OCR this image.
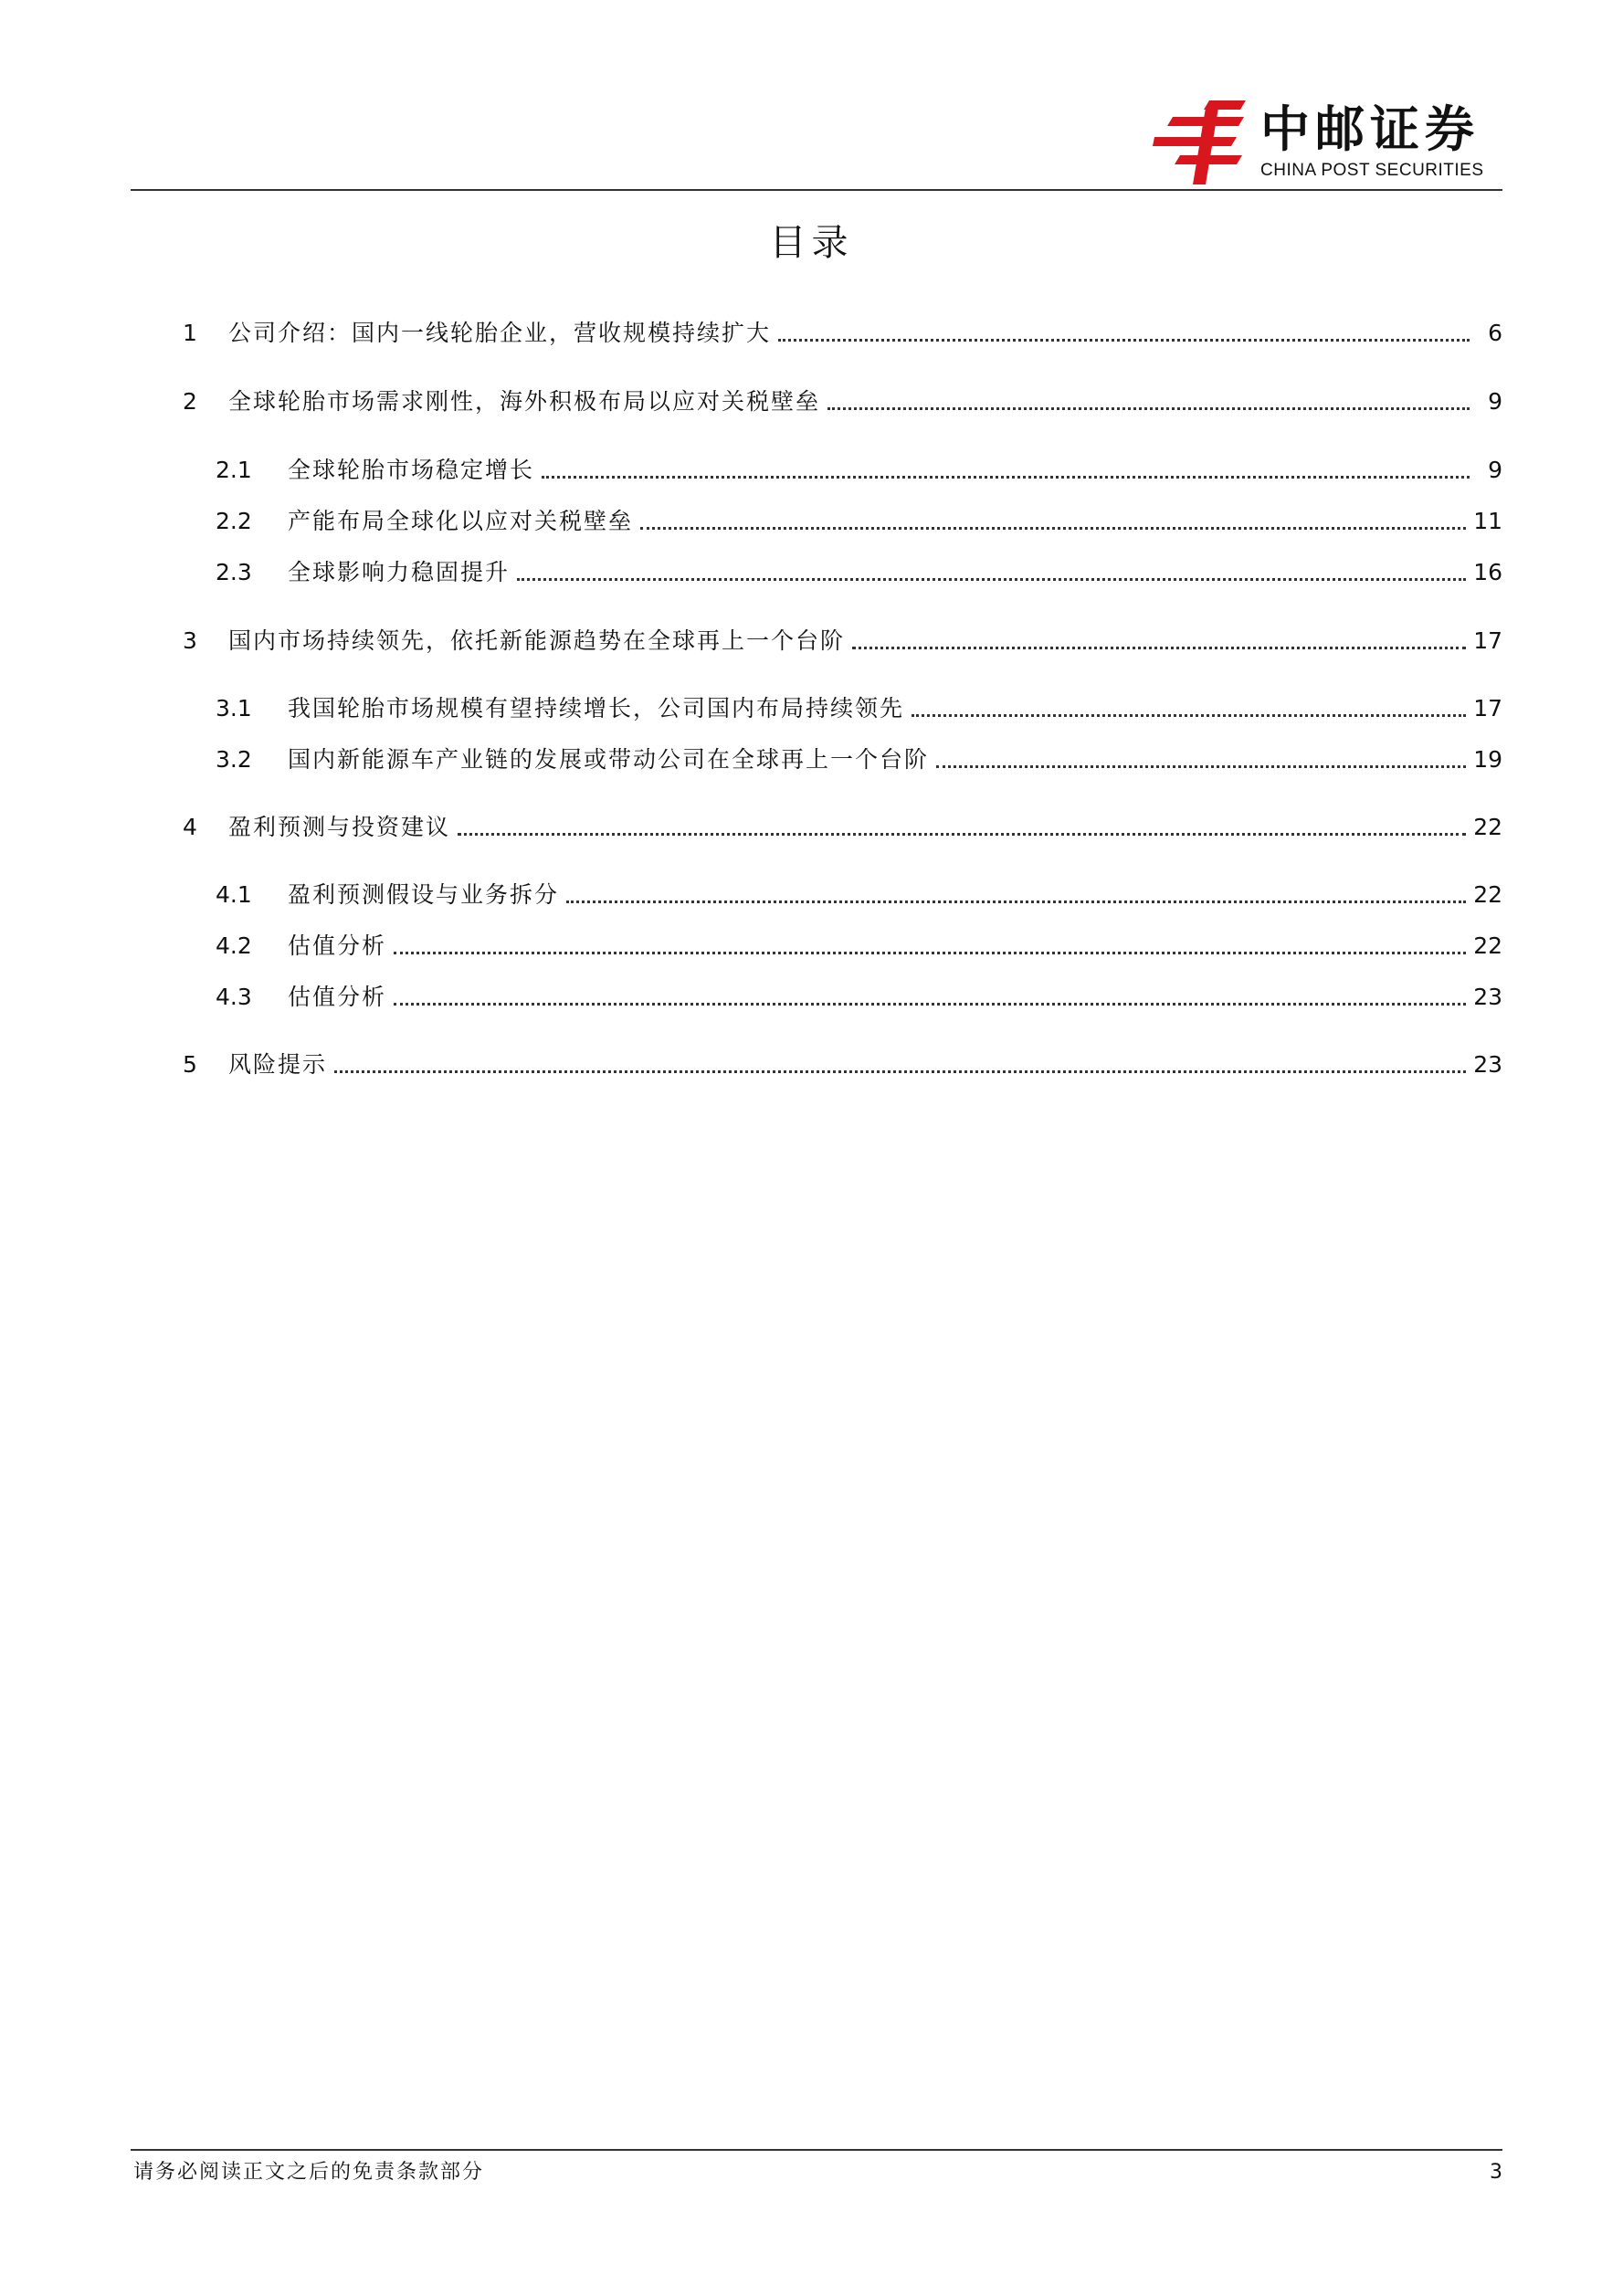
中邮证券
CHINA POST SECURITIES
目录
1	公司介绍：国内一线轮胎企业，营收规模持续扩大	6
2	全球轮胎市场需求刚性，海外积极布局以应对关税壁垒	9
2.1	全球轮胎市场稳定增长	9
2.2	产能布局全球化以应对关税壁垒	11
2.3	全球影响力稳固提升	16
3	国内市场持续领先，依托新能源趋势在全球再上一个台阶	17
3.1	我国轮胎市场规模有望持续增长，公司国内布局持续领先	17
3.2	国内新能源车产业链的发展或带动公司在全球再上一个台阶	19
4	盈利预测与投资建议	22
4.1	盈利预测假设与业务拆分	22
4.2	估值分析	22
4.3	估值分析	23
5	风险提示	23
请务必阅读正文之后的免责条款部分	3
